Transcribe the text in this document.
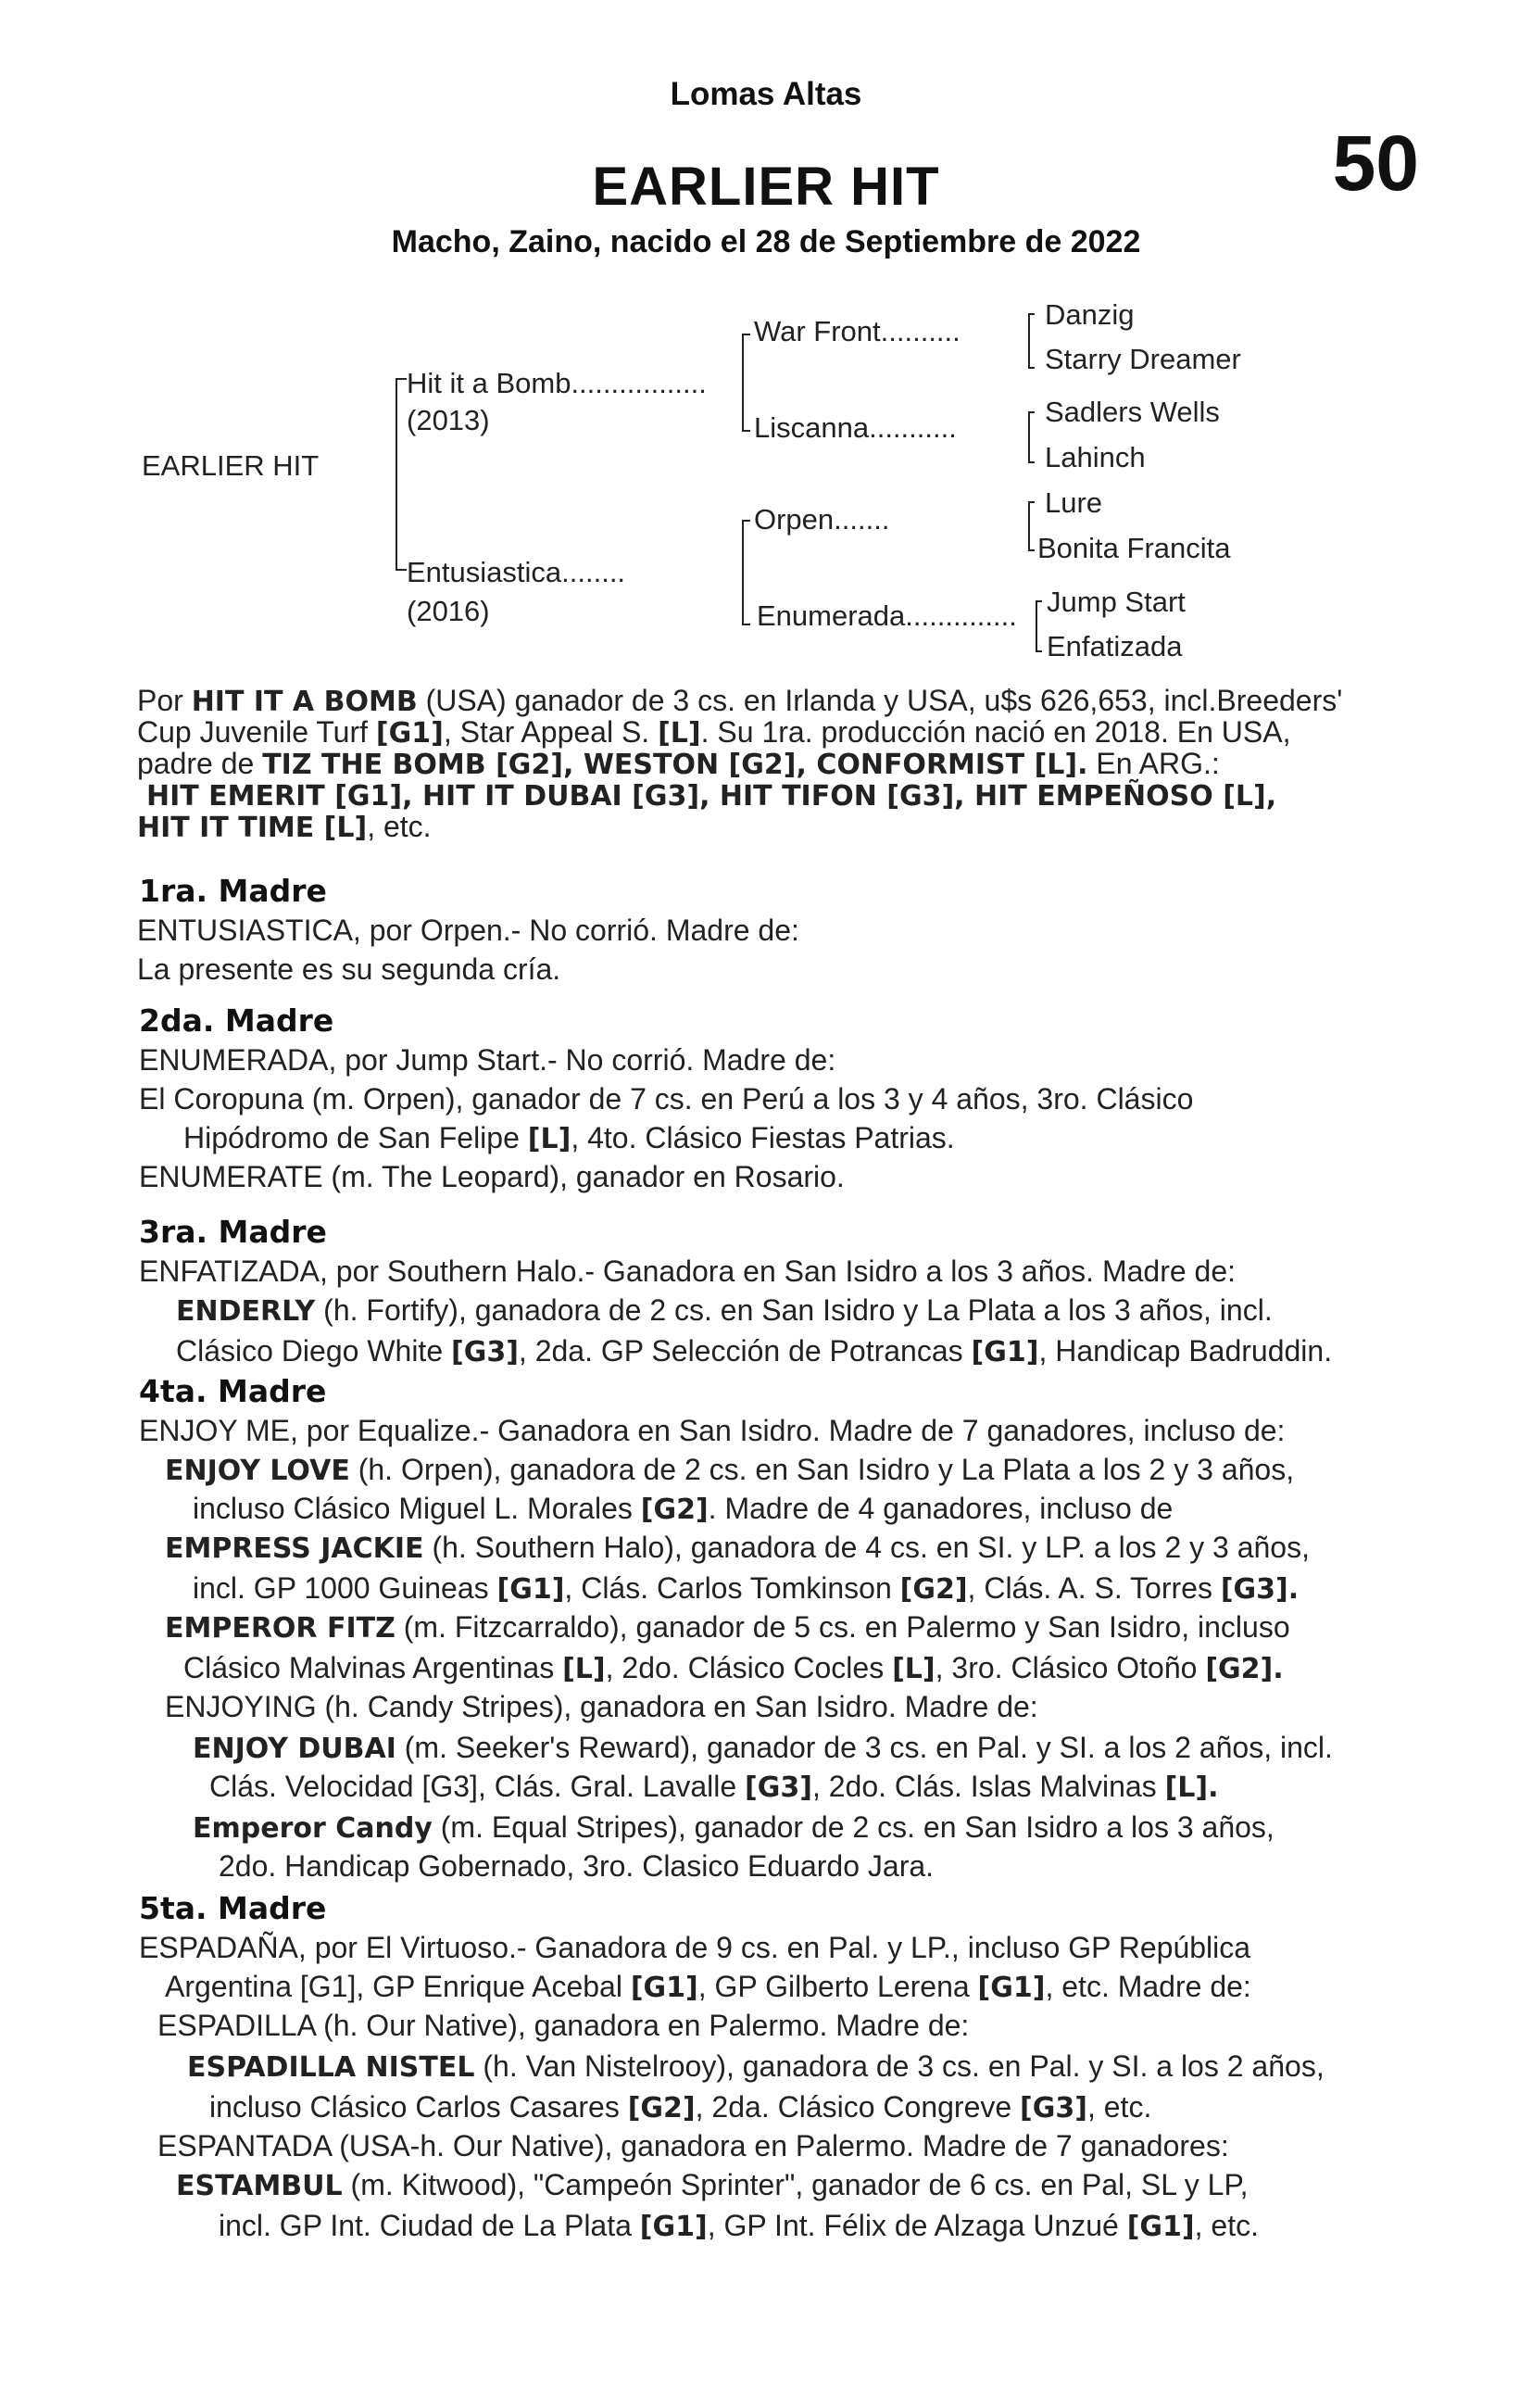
Lomas Altas
EARLIER HIT	50
Macho, Zaino, nacido el 28 de Septiembre de 2022
EARLIER HIT
Hit it a Bomb.................
(2013)
Entusiastica........
(2016)
War Front..........
Liscanna...........
Orpen.......
Enumerada..............
Danzig
Starry Dreamer
Sadlers Wells
Lahinch
Lure
Bonita Francita
Jump Start
Enfatizada
Por HIT IT A BOMB (USA) ganador de 3 cs. en Irlanda y USA, u$s 626,653, incl.Breeders'
Cup Juvenile Turf [G1], Star Appeal S. [L]. Su 1ra. producción nació en 2018. En USA,
padre de TIZ THE BOMB [G2], WESTON [G2], CONFORMIST [L]. En ARG.:
HIT EMERIT [G1], HIT IT DUBAI [G3], HIT TIFON [G3], HIT EMPEÑOSO [L],
HIT IT TIME [L], etc.
1ra. Madre
ENTUSIASTICA, por Orpen.- No corrió. Madre de:
La presente es su segunda cría.
2da. Madre
ENUMERADA, por Jump Start.- No corrió. Madre de:
El Coropuna (m. Orpen), ganador de 7 cs. en Perú a los 3 y 4 años, 3ro. Clásico
Hipódromo de San Felipe [L], 4to. Clásico Fiestas Patrias.
ENUMERATE (m. The Leopard), ganador en Rosario.
3ra. Madre
ENFATIZADA, por Southern Halo.- Ganadora en San Isidro a los 3 años. Madre de:
ENDERLY (h. Fortify), ganadora de 2 cs. en San Isidro y La Plata a los 3 años, incl.
Clásico Diego White [G3], 2da. GP Selección de Potrancas [G1], Handicap Badruddin.
4ta. Madre
ENJOY ME, por Equalize.- Ganadora en San Isidro. Madre de 7 ganadores, incluso de:
ENJOY LOVE (h. Orpen), ganadora de 2 cs. en San Isidro y La Plata a los 2 y 3 años,
incluso Clásico Miguel L. Morales [G2]. Madre de 4 ganadores, incluso de
EMPRESS JACKIE (h. Southern Halo), ganadora de 4 cs. en SI. y LP. a los 2 y 3 años,
incl. GP 1000 Guineas [G1], Clás. Carlos Tomkinson [G2], Clás. A. S. Torres [G3].
EMPEROR FITZ (m. Fitzcarraldo), ganador de 5 cs. en Palermo y San Isidro, incluso
Clásico Malvinas Argentinas [L], 2do. Clásico Cocles [L], 3ro. Clásico Otoño [G2].
ENJOYING (h. Candy Stripes), ganadora en San Isidro. Madre de:
ENJOY DUBAI (m. Seeker's Reward), ganador de 3 cs. en Pal. y SI. a los 2 años, incl.
Clás. Velocidad [G3], Clás. Gral. Lavalle [G3], 2do. Clás. Islas Malvinas [L].
Emperor Candy (m. Equal Stripes), ganador de 2 cs. en San Isidro a los 3 años,
2do. Handicap Gobernado, 3ro. Clasico Eduardo Jara.
5ta. Madre
ESPADAÑA, por El Virtuoso.- Ganadora de 9 cs. en Pal. y LP., incluso GP República
Argentina [G1], GP Enrique Acebal [G1], GP Gilberto Lerena [G1], etc. Madre de:
ESPADILLA (h. Our Native), ganadora en Palermo. Madre de:
ESPADILLA NISTEL (h. Van Nistelrooy), ganadora de 3 cs. en Pal. y SI. a los 2 años,
incluso Clásico Carlos Casares [G2], 2da. Clásico Congreve [G3], etc.
ESPANTADA (USA-h. Our Native), ganadora en Palermo. Madre de 7 ganadores:
ESTAMBUL (m. Kitwood), "Campeón Sprinter", ganador de 6 cs. en Pal, SL y LP,
incl. GP Int. Ciudad de La Plata [G1], GP Int. Félix de Alzaga Unzué [G1], etc.
